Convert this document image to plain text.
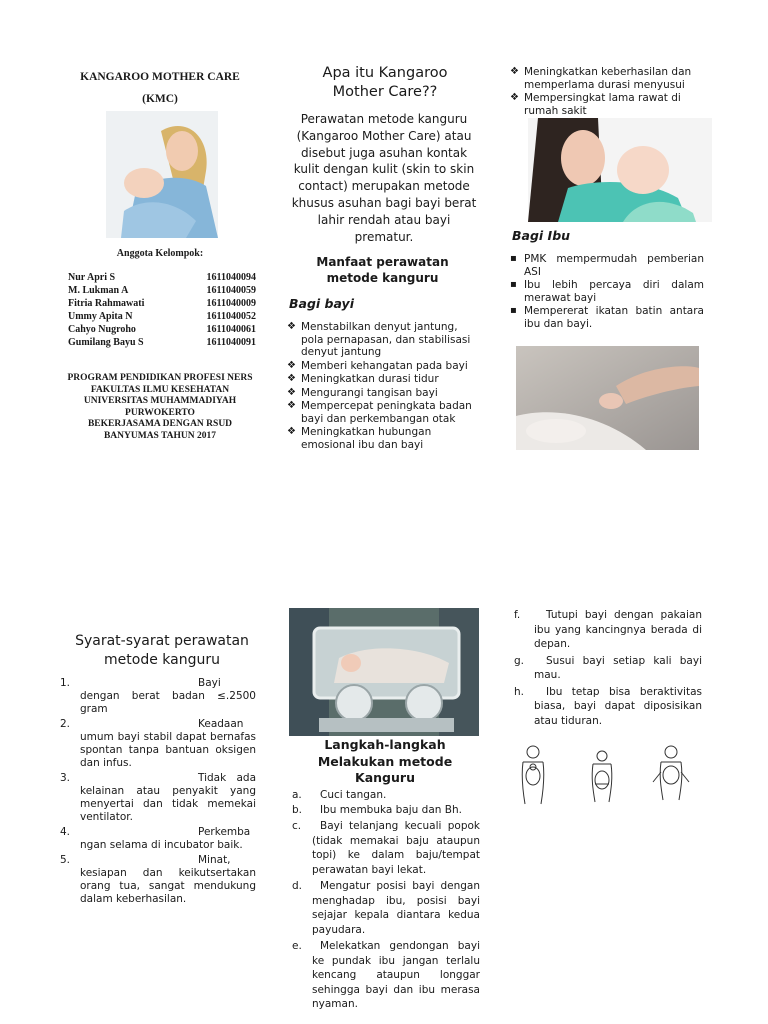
KANGAROO MOTHER CARE
(KMC)
Anggota Kelompok:
Nur Apri S	1611040094
M. Lukman A	1611040059
Fitria Rahmawati	1611040009
Ummy Apita N	1611040052
Cahyo Nugroho	1611040061
Gumilang Bayu S	1611040091
PROGRAM PENDIDIKAN PROFESI NERS
FAKULTAS ILMU KESEHATAN
UNIVERSITAS MUHAMMADIYAH
PURWOKERTO
BEKERJASAMA DENGAN RSUD
BANYUMAS TAHUN 2017
Apa itu Kangaroo Mother Care??
Perawatan metode kanguru (Kangaroo Mother Care) atau disebut juga asuhan kontak kulit dengan kulit (skin to skin contact) merupakan metode khusus asuhan bagi bayi berat lahir rendah atau bayi prematur.
Manfaat perawatan metode kanguru
Bagi bayi
❖ Menstabilkan denyut jantung, pola pernapasan, dan stabilisasi denyut jantung
❖ Memberi kehangatan pada bayi
❖ Meningkatkan durasi tidur
❖ Mengurangi tangisan bayi
❖ Mempercepat peningkata badan bayi dan perkembangan otak
❖ Meningkatkan hubungan emosional ibu dan bayi
❖ Meningkatkan keberhasilan dan memperlama durasi menyusui
❖ Mempersingkat lama rawat di rumah sakit
Bagi Ibu
▪ PMK mempermudah pemberian ASI
▪ Ibu lebih percaya diri dalam merawat bayi
▪ Mempererat ikatan batin antara ibu dan bayi.
Syarat-syarat perawatan metode kanguru
1.	Bayi dengan berat badan ≤.2500 gram
2.	Keadaan umum bayi stabil dapat bernafas spontan tanpa bantuan oksigen dan infus.
3.	Tidak ada kelainan atau penyakit yang menyertai dan tidak memekai ventilator.
4.	Perkemba ngan selama di incubator baik.
5.	Minat, kesiapan dan keikutsertakan orang tua, sangat mendukung dalam keberhasilan.
Langkah-langkah Melakukan metode Kanguru
a.	Cuci tangan.
b.	Ibu membuka baju dan Bh.
c.	Bayi telanjang kecuali popok (tidak memakai baju ataupun topi) ke dalam baju/tempat perawatan bayi lekat.
d.	Mengatur posisi bayi dengan menghadap ibu, posisi bayi sejajar kepala diantara kedua payudara.
e.	Melekatkan gendongan bayi ke pundak ibu jangan terlalu kencang ataupun longgar sehingga bayi dan ibu merasa nyaman.
f.	Tutupi bayi dengan pakaian ibu yang kancingnya berada di depan.
g.	Susui bayi setiap kali bayi mau.
h.	Ibu tetap bisa beraktivitas biasa, bayi dapat diposisikan atau tiduran.
